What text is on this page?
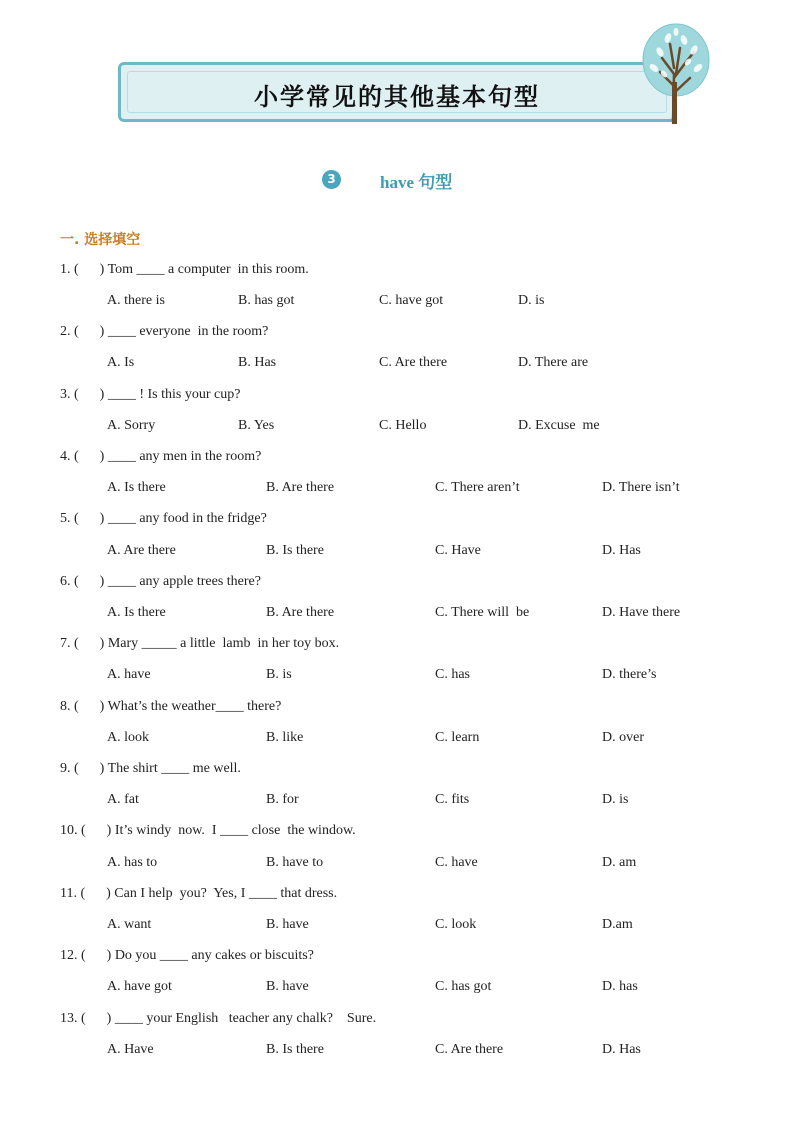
小学常见的其他基本句型
3	have 句型
一. 选择填空
1. (      ) Tom ____ a computer  in this room.
A. there is	B. has got	C. have got	D. is
2. (      ) ____ everyone  in the room?
A. Is	B. Has	C. Are there	D. There are
3. (      ) ____ ! Is this your cup?
A. Sorry	B. Yes	C. Hello	D. Excuse  me
4. (      ) ____ any men in the room?
A. Is there	B. Are there	C. There aren’t	D. There isn’t
5. (      ) ____ any food in the fridge?
A. Are there	B. Is there	C. Have	D. Has
6. (      ) ____ any apple trees there?
A. Is there	B. Are there	C. There will  be	D. Have there
7. (      ) Mary _____ a little  lamb  in her toy box.
A. have	B. is	C. has	D. there’s
8. (      ) What’s the weather____ there?
A. look	B. like	C. learn	D. over
9. (      ) The shirt ____ me well.
A. fat	B. for	C. fits	D. is
10. (      ) It’s windy  now.  I ____ close  the window.
A. has to	B. have to	C. have	D. am
11. (      ) Can I help  you?  Yes, I ____ that dress.
A. want	B. have	C. look	D.am
12. (      ) Do you ____ any cakes or biscuits?
A. have got	B. have	C. has got	D. has
13. (      ) ____ your English   teacher any chalk?    Sure.
A. Have	B. Is there	C. Are there	D. Has
